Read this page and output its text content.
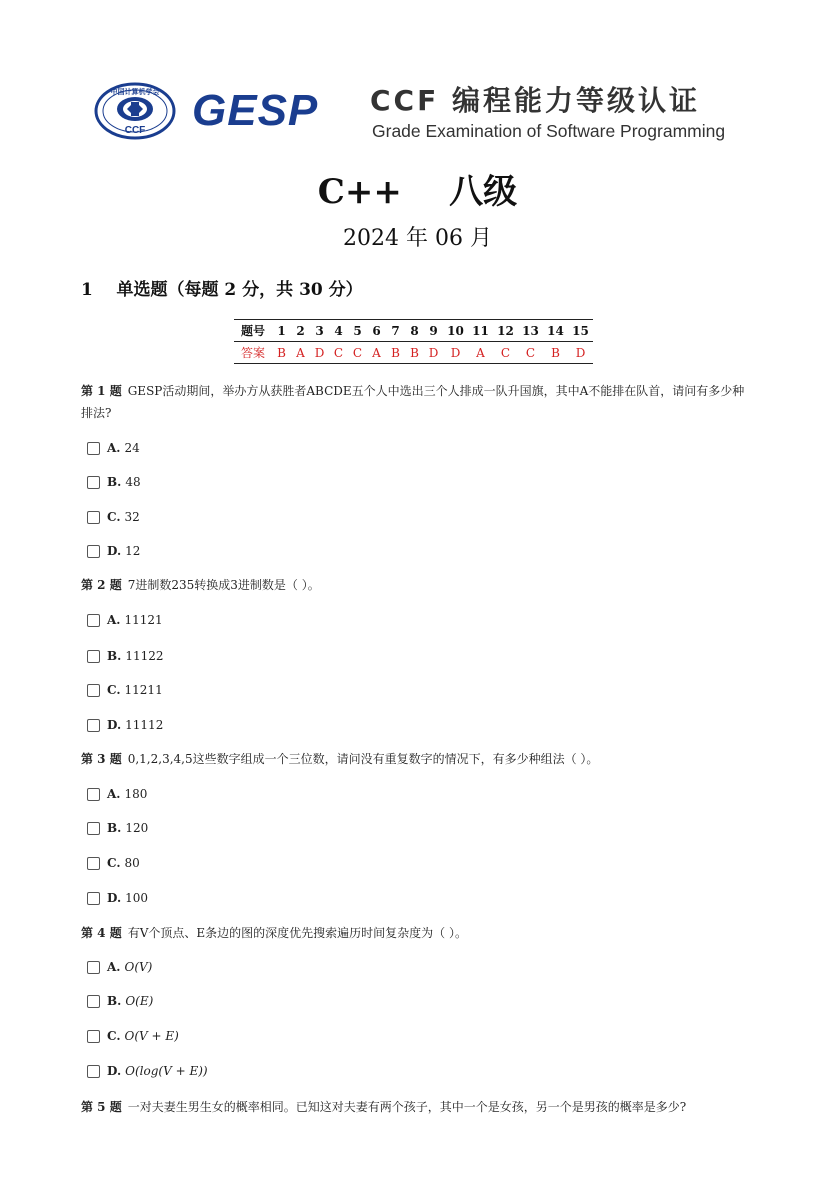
中国计算机学会
CCF GESP CCF 编程能力等级认证
Grade Examination of Software Programming
C++    八级
2024 年 06 月
1    单选题（每题 2 分，共 30 分）
题号	1	2	3	4	5	6	7	8	9	10	11	12	13	14	15
答案	B	A	D	C	C	A	B	B	D	D	A	C	C	B	D
第 1 题 GESP活动期间，举办方从获胜者ABCDE五个人中选出三个人排成一队升国旗，其中A不能排在队首，请问有多少种排法?
A. 24
B. 48
C. 32
D. 12
第 2 题 7进制数235转换成3进制数是（ ）。
A. 11121
B. 11122
C. 11211
D. 11112
第 3 题 0,1,2,3,4,5这些数字组成一个三位数，请问没有重复数字的情况下，有多少种组法（ ）。
A. 180
B. 120
C. 80
D. 100
第 4 题 有V个顶点、E条边的图的深度优先搜索遍历时间复杂度为（ ）。
A. O(V)
B. O(E)
C. O(V + E)
D. O(log(V + E))
第 5 题 一对夫妻生男生女的概率相同。已知这对夫妻有两个孩子，其中一个是女孩，另一个是男孩的概率是多少?
